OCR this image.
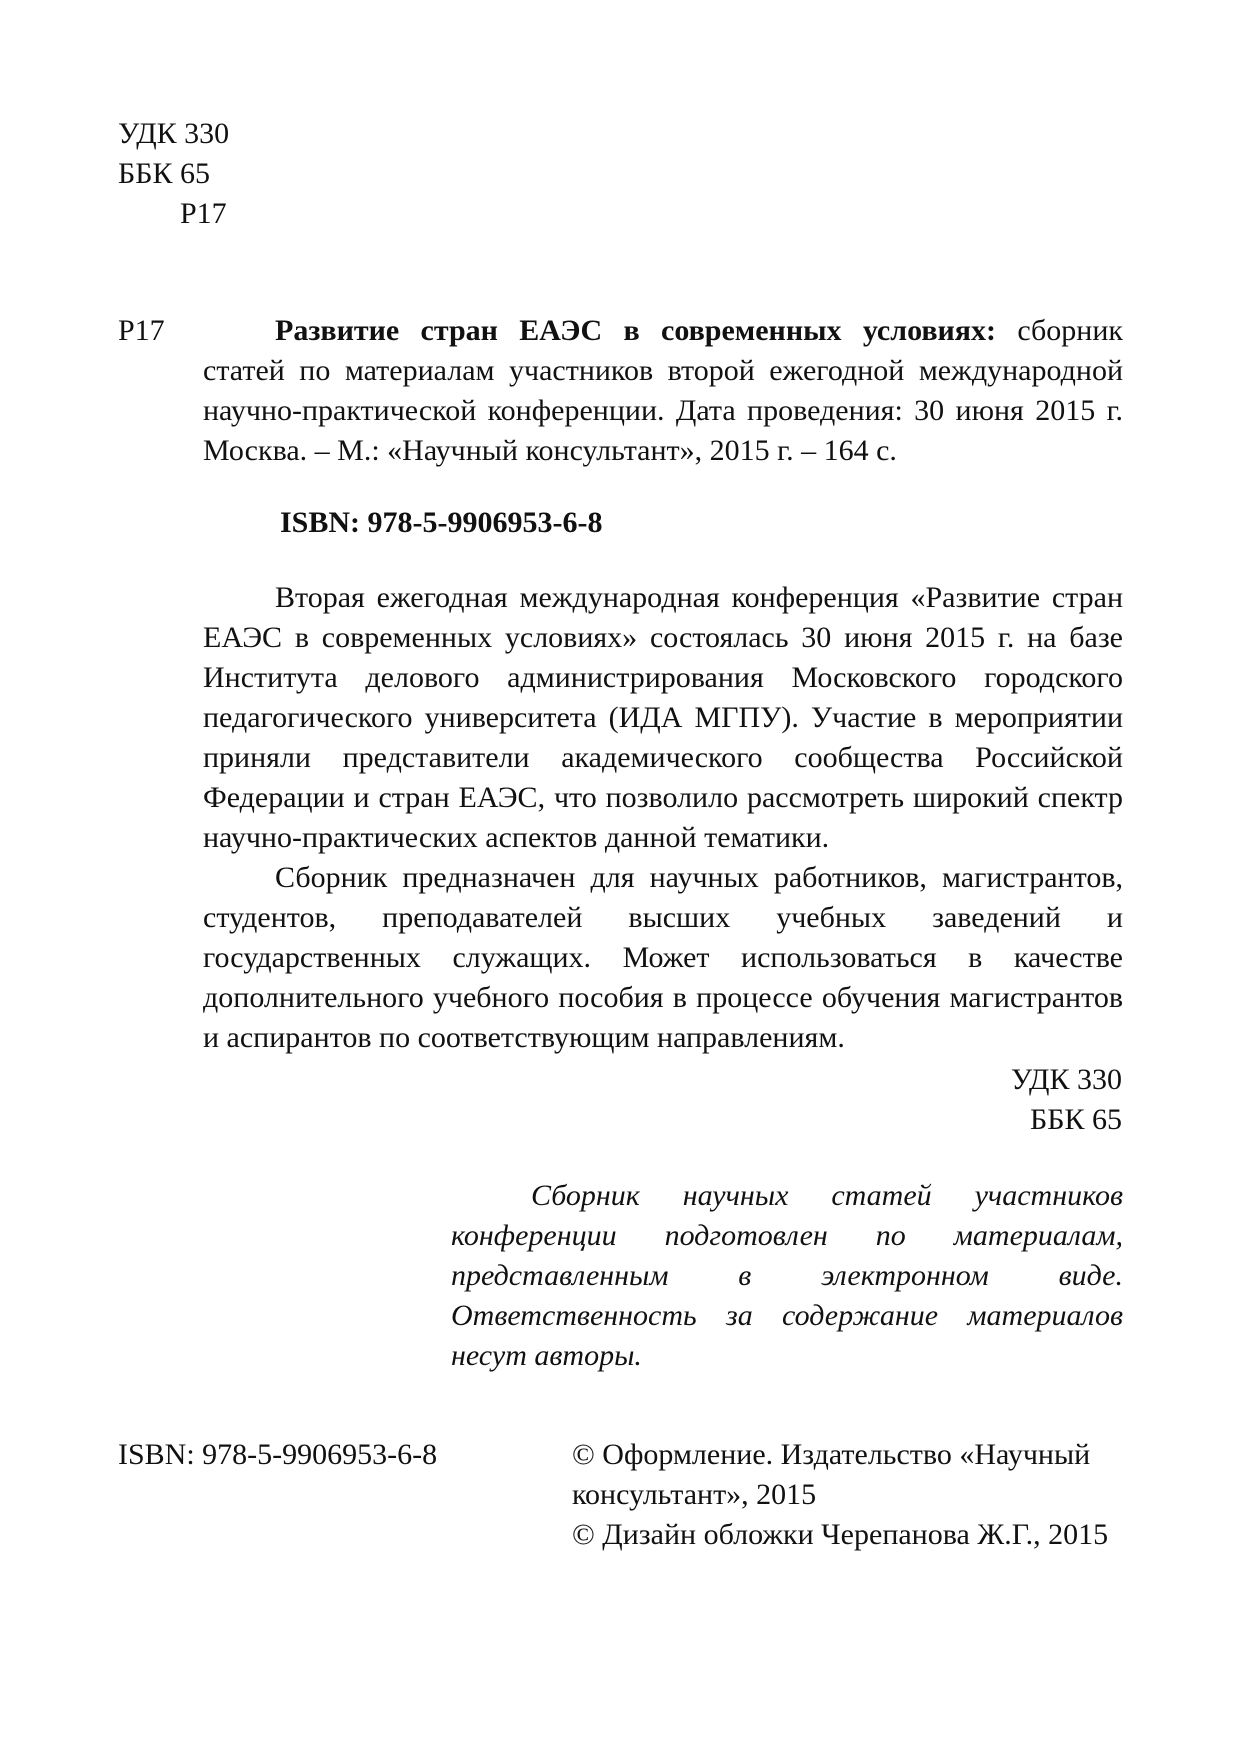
УДК 330
ББК 65
Р17
Р17	Развитие стран ЕАЭС в современных условиях: сборник статей по материалам участников второй ежегодной международной научно-практической конференции. Дата проведения: 30 июня 2015 г. Москва. – М.: «Научный консультант», 2015 г. – 164 с.
ISBN: 978-5-9906953-6-8

Вторая ежегодная международная конференция «Развитие стран ЕАЭС в современных условиях» состоялась 30 июня 2015 г. на базе Института делового администрирования Московского городского педагогического университета (ИДА МГПУ). Участие в мероприятии приняли представители академического сообщества Российской Федерации и стран ЕАЭС, что позволило рассмотреть широкий спектр научно-практических аспектов данной тематики.

Сборник предназначен для научных работников, магистрантов, студентов, преподавателей высших учебных заведений и государственных служащих. Может использоваться в качестве дополнительного учебного пособия в процессе обучения магистрантов и аспирантов по соответствующим направлениям.

УДК 330
ББК 65
Сборник научных статей участников конференции подготовлен по материалам, представленным в электронном виде. Ответственность за содержание материалов несут авторы.
ISBN: 978-5-9906953-6-8	© Оформление. Издательство «Научный консультант», 2015
© Дизайн обложки Черепанова Ж.Г., 2015
